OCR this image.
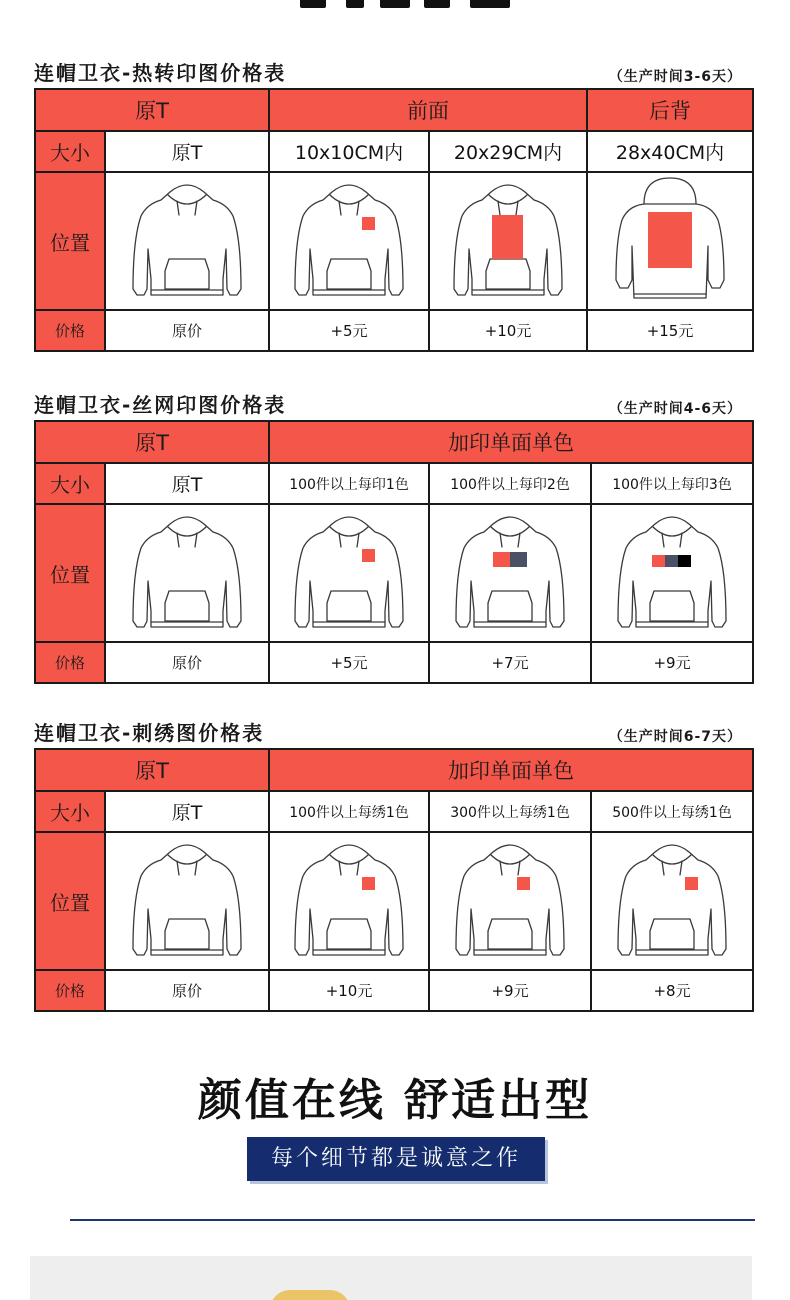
连帽卫衣-热转印图价格表	（生产时间3-6天）
原T		前面		后背
大小	原T	10x10CM内	20x29CM内	28x40CM内
位置	

价格	原价	+5元	+10元	+15元
连帽卫衣-丝网印图价格表	（生产时间4-6天）
原T		加印单面单色		
大小	原T	100件以上每印1色	100件以上每印2色	100件以上每印3色
位置	

价格	原价	+5元	+7元	+9元
连帽卫衣-刺绣图价格表	（生产时间6-7天）
原T		加印单面单色		
大小	原T	100件以上每绣1色	300件以上每绣1色	500件以上每绣1色
位置	

价格	原价	+10元	+9元	+8元
颜值在线 舒适出型
每个细节都是诚意之作
